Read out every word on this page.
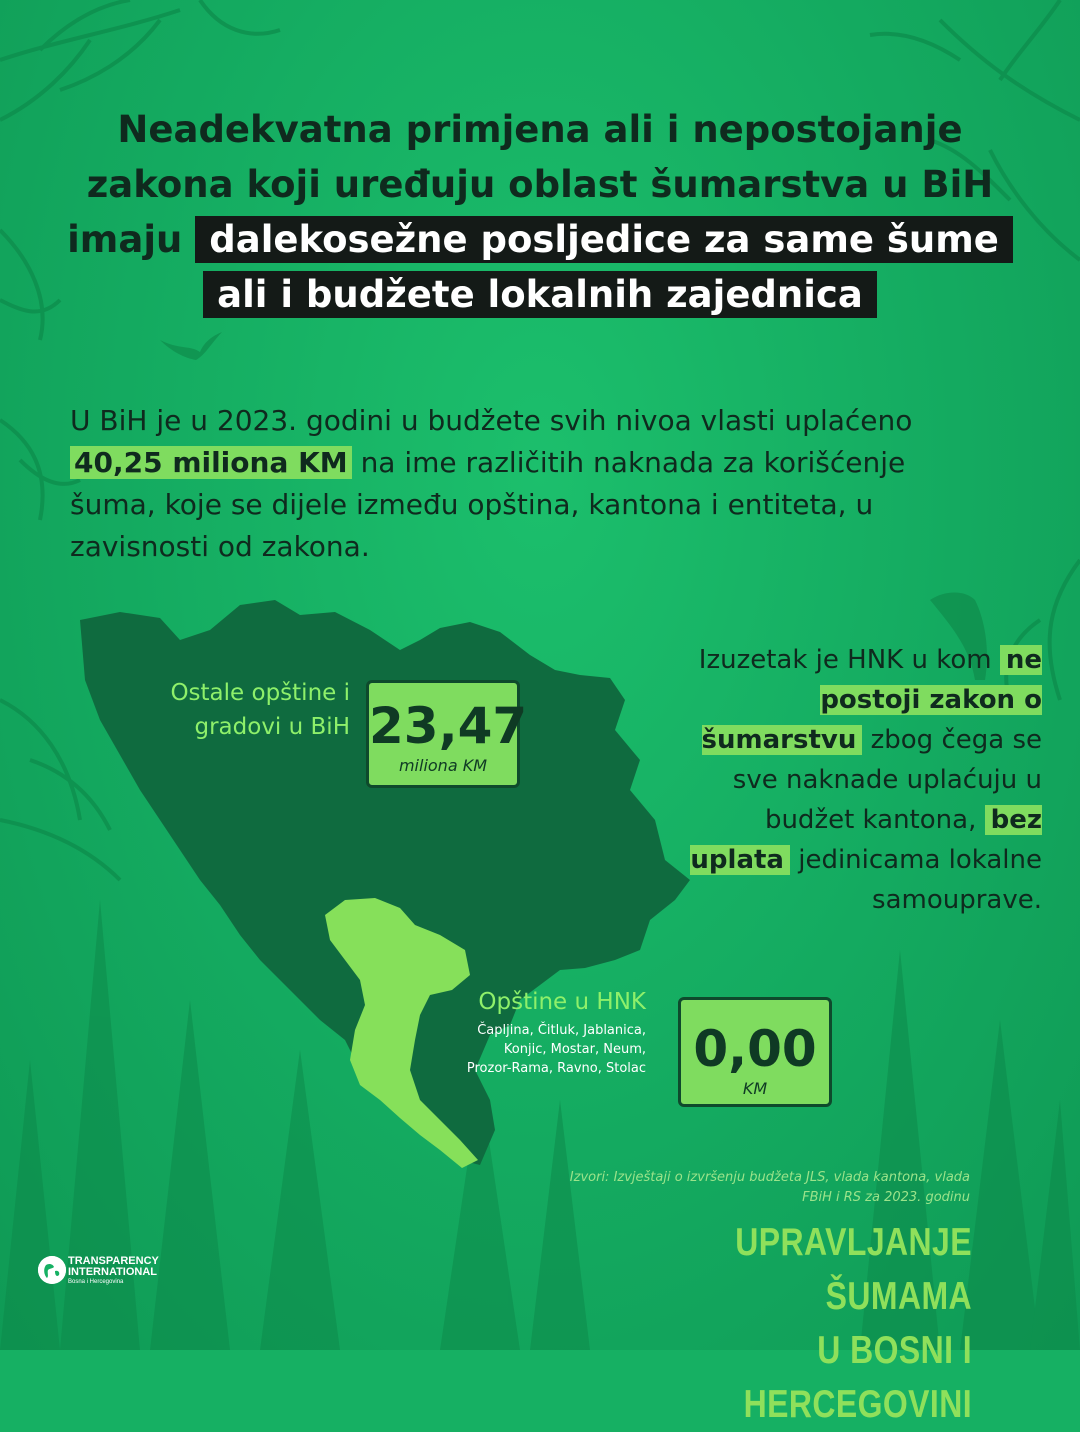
Neadekvatna primjena ali i nepostojanje zakona koji uređuju oblast šumarstva u BiH imaju dalekosežne posljedice za same šume ali i budžete lokalnih zajednica
U BiH je u 2023. godini u budžete svih nivoa vlasti uplaćeno 40,25 miliona KM na ime različitih naknada za korišćenje šuma, koje se dijele između opština, kantona i entiteta, u zavisnosti od zakona.
Ostale opštine i gradovi u BiH 23,47
miliona KM
Izuzetak je HNK u kom ne postoji zakon o šumarstvu zbog čega se sve naknade uplaćuju u budžet kantona, bez uplata jedinicama lokalne samouprave.
Opštine u HNK
Čapljina, Čitluk, Jablanica, Konjic, Mostar, Neum, Prozor-Rama, Ravno, Stolac 0,00
KM
Izvori: Izvještaji o izvršenju budžeta JLS, vlada kantona, vlada FBiH i RS za 2023. godinu
UPRAVLJANJE ŠUMAMA
U BOSNI I HERCEGOVINI
TRANSPARENCY
INTERNATIONAL
Bosna i Hercegovina
